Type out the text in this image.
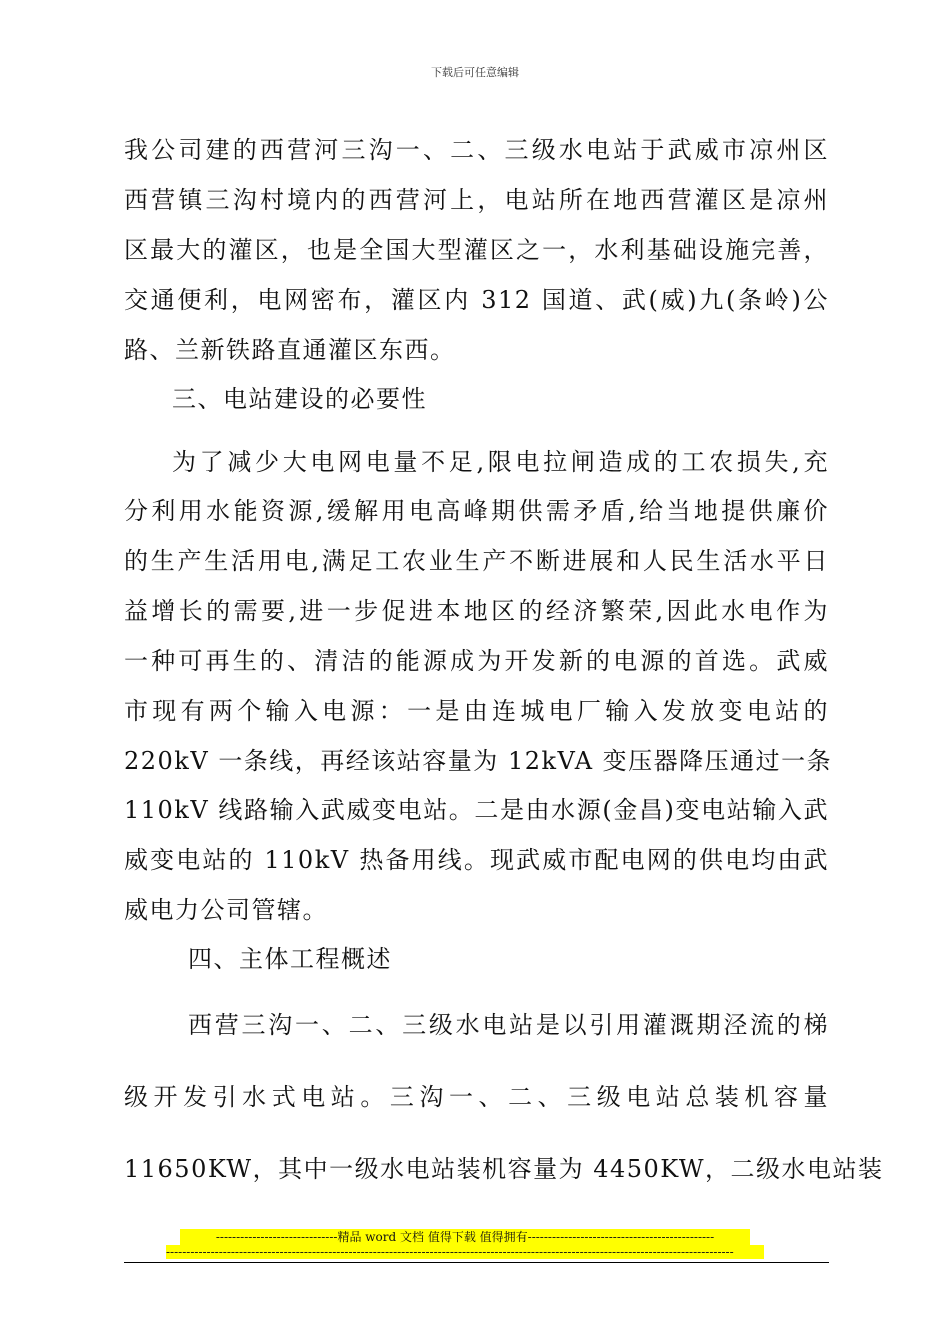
下载后可任意编辑
我公司建的西营河三沟一、二、三级水电站于武威市凉州区
西营镇三沟村境内的西营河上，电站所在地西营灌区是凉州
区最大的灌区，也是全国大型灌区之一，水利基础设施完善，
交通便利，电网密布，灌区内 312 国道、武(威)九(条岭)公
路、兰新铁路直通灌区东西。
三、电站建设的必要性
为了减少大电网电量不足,限电拉闸造成的工农损失,充
分利用水能资源,缓解用电高峰期供需矛盾,给当地提供廉价
的生产生活用电,满足工农业生产不断进展和人民生活水平日
益增长的需要,进一步促进本地区的经济繁荣,因此水电作为
一种可再生的、清洁的能源成为开发新的电源的首选。武威
市现有两个输入电源：一是由连城电厂输入发放变电站的
220kV 一条线，再经该站容量为 12kVA 变压器降压通过一条
110kV 线路输入武威变电站。二是由水源(金昌)变电站输入武
威变电站的 110kV 热备用线。现武威市配电网的供电均由武
威电力公司管辖。
四、主体工程概述
西营三沟一、二、三级水电站是以引用灌溉期泾流的梯
级开发引水式电站。三沟一、二、三级电站总装机容量
11650KW，其中一级水电站装机容量为 4450KW，二级水电站装
------------------------------精品 word 文档 值得下载 值得拥有----------------------------------------------
--------------------------------------------------------------------------------------------------------------------------------------------
